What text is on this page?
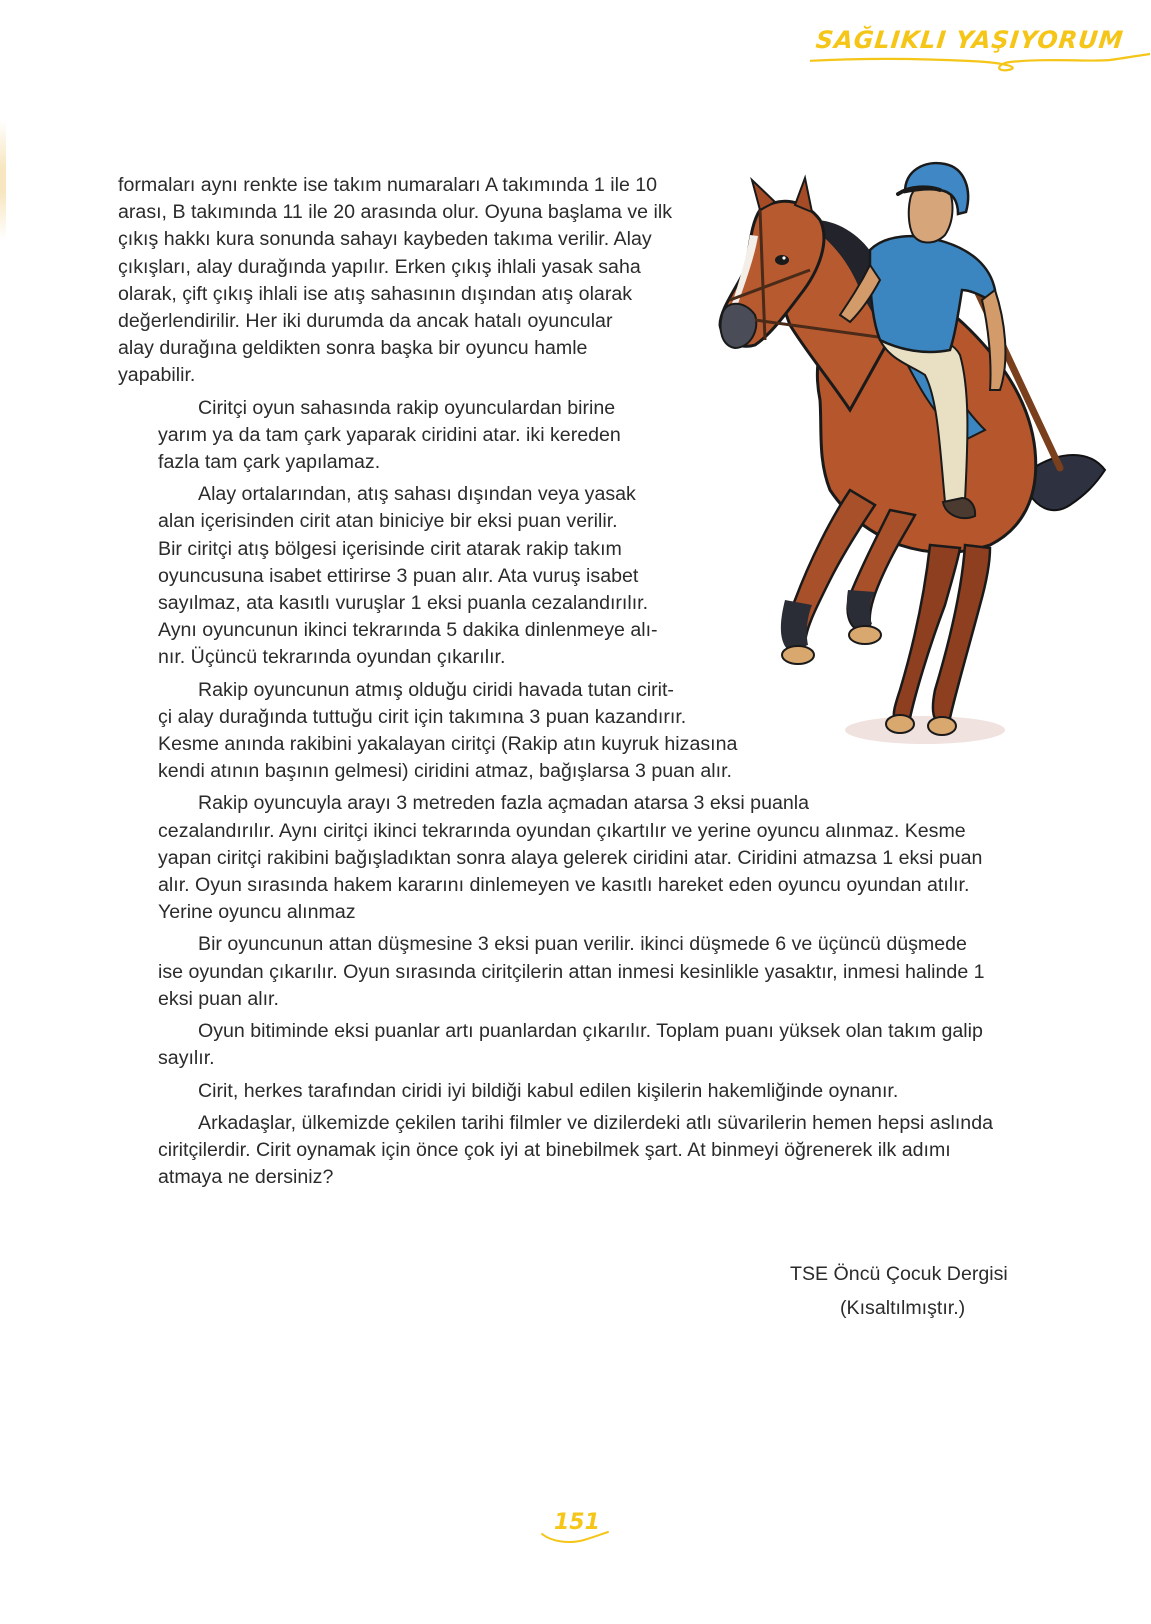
SAĞLIKLI YAŞIYORUM

formaları aynı renkte ise takım numaraları A takımında 1 ile 10
arası, B takımında 11 ile 20 arasında olur. Oyuna başlama ve ilk
çıkış hakkı kura sonunda sahayı kaybeden takıma verilir. Alay
çıkışları, alay durağında yapılır. Erken çıkış ihlali yasak saha
olarak, çift çıkış ihlali ise atış sahasının dışından atış olarak
değerlendirilir. Her iki durumda da ancak hatalı oyuncular
alay durağına geldikten sonra başka bir oyuncu hamle
yapabilir.

Ciritçi oyun sahasında rakip oyunculardan birine
yarım ya da tam çark yaparak ciridini atar. iki kereden
fazla tam çark yapılamaz.

Alay ortalarından, atış sahası dışından veya yasak
alan içerisinden cirit atan biniciye bir eksi puan verilir.
Bir ciritçi atış bölgesi içerisinde cirit atarak rakip takım
oyuncusuna isabet ettirirse 3 puan alır. Ata vuruş isabet
sayılmaz, ata kasıtlı vuruşlar 1 eksi puanla cezalandırılır.
Aynı oyuncunun ikinci tekrarında 5 dakika dinlenmeye alı-
nır. Üçüncü tekrarında oyundan çıkarılır.

Rakip oyuncunun atmış olduğu ciridi havada tutan cirit-
çi alay durağında tuttuğu cirit için takımına 3 puan kazandırır.
Kesme anında rakibini yakalayan ciritçi (Rakip atın kuyruk hizasına
kendi atının başının gelmesi) ciridini atmaz, bağışlarsa 3 puan alır.

Rakip oyuncuyla arayı 3 metreden fazla açmadan atarsa 3 eksi puanla
cezalandırılır. Aynı ciritçi ikinci tekrarında oyundan çıkartılır ve yerine oyuncu alınmaz. Kesme
yapan ciritçi rakibini bağışladıktan sonra alaya gelerek ciridini atar. Ciridini atmazsa 1 eksi puan
alır. Oyun sırasında hakem kararını dinlemeyen ve kasıtlı hareket eden oyuncu oyundan atılır.
Yerine oyuncu alınmaz

Bir oyuncunun attan düşmesine 3 eksi puan verilir. ikinci düşmede 6 ve üçüncü düşmede
ise oyundan çıkarılır. Oyun sırasında ciritçilerin attan inmesi kesinlikle yasaktır, inmesi halinde 1
eksi puan alır.

Oyun bitiminde eksi puanlar artı puanlardan çıkarılır. Toplam puanı yüksek olan takım galip
sayılır.

Cirit, herkes tarafından ciridi iyi bildiği kabul edilen kişilerin hakemliğinde oynanır.

Arkadaşlar, ülkemizde çekilen tarihi filmler ve dizilerdeki atlı süvarilerin hemen hepsi aslında
ciritçilerdir. Cirit oynamak için önce çok iyi at binebilmek şart. At binmeyi öğrenerek ilk adımı
atmaya ne dersiniz?

TSE Öncü Çocuk Dergisi
(Kısaltılmıştır.)
151
